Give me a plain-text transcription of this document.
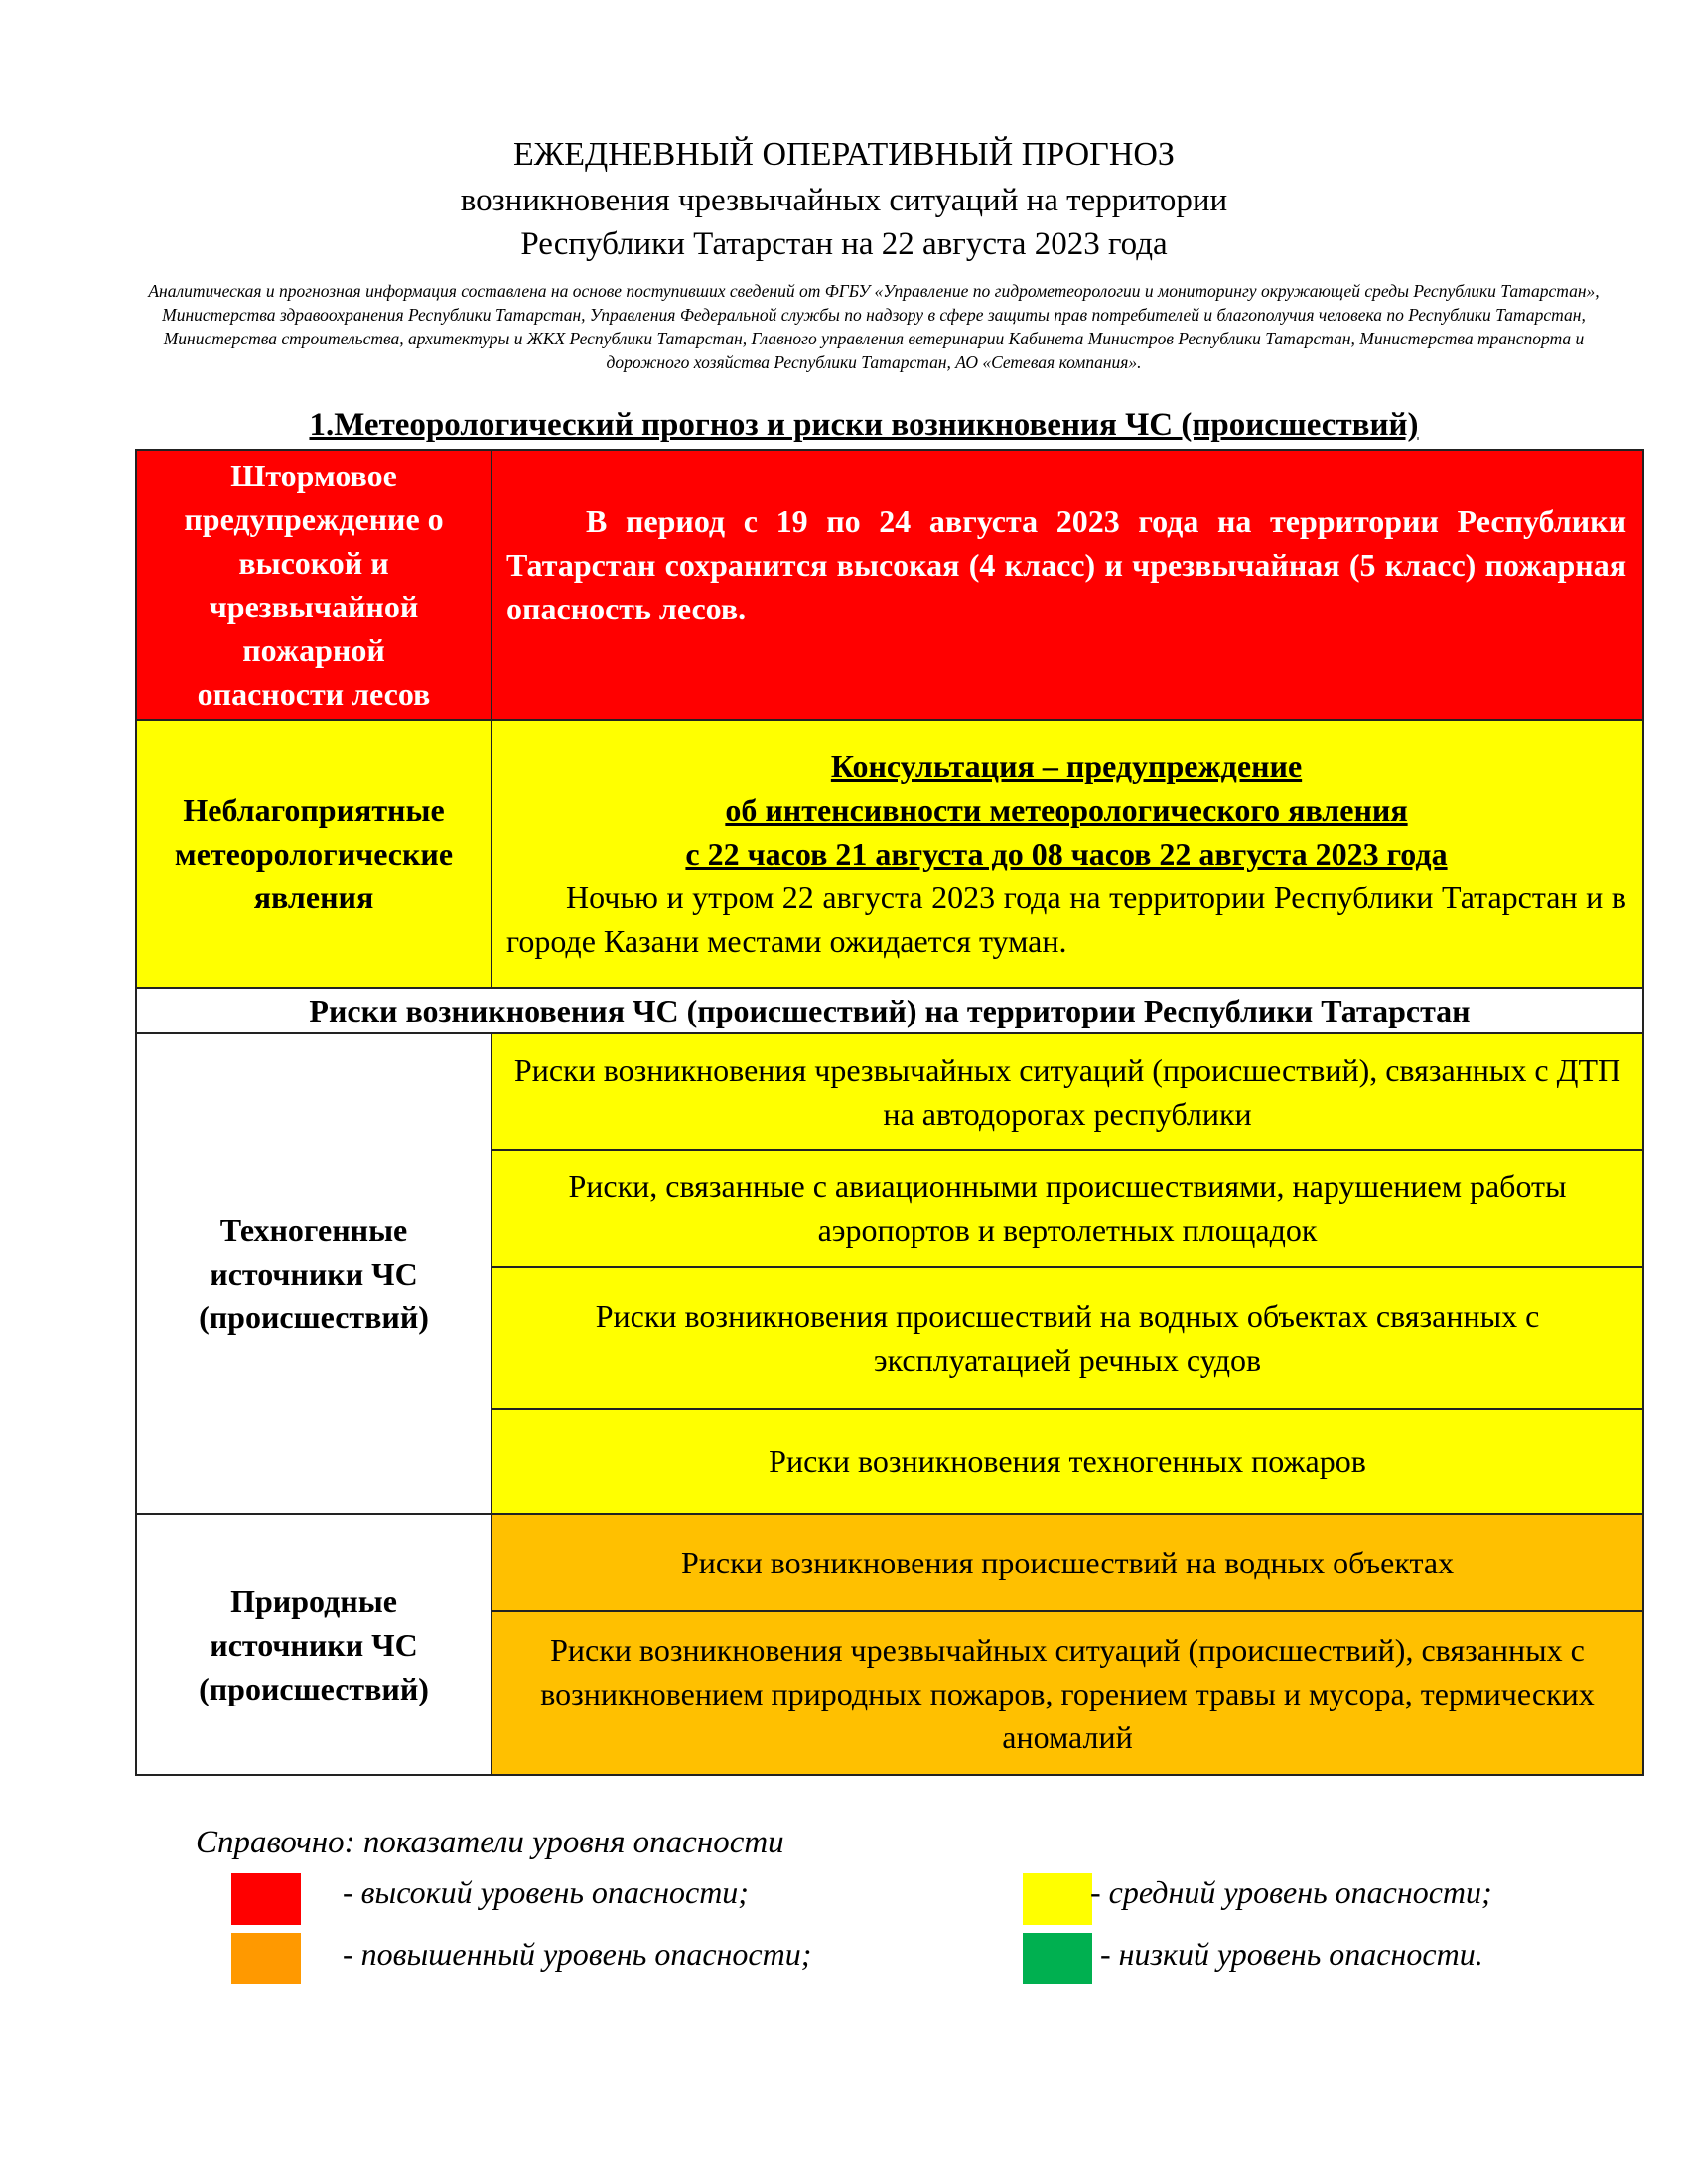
ЕЖЕДНЕВНЫЙ ОПЕРАТИВНЫЙ ПРОГНОЗ
возникновения чрезвычайных ситуаций на территории
Республики Татарстан на 22 августа 2023 года
Аналитическая и прогнозная информация составлена на основе поступивших сведений от ФГБУ «Управление по гидрометеорологии и мониторингу окружающей среды Республики Татарстан», Министерства здравоохранения Республики Татарстан, Управления Федеральной службы по надзору в сфере защиты прав потребителей и благополучия человека по Республики Татарстан, Министерства строительства, архитектуры и ЖКХ Республики Татарстан, Главного управления ветеринарии Кабинета Министров Республики Татарстан, Министерства транспорта и дорожного хозяйства Республики Татарстан, АО «Сетевая компания».
1.Метеорологический прогноз и риски возникновения ЧС (происшествий)
Штормовое предупреждение о высокой и чрезвычайной пожарной опасности лесов	В период с 19 по 24 августа 2023 года на территории Республики Татарстан сохранится высокая (4 класс) и чрезвычайная (5 класс) пожарная опасность лесов.
Неблагоприятные метеорологические явления	Консультация – предупреждение
об интенсивности метеорологического явления
с 22 часов 21 августа до 08 часов 22 августа 2023 года
Ночью и утром 22 августа 2023 года на территории Республики Татарстан и в городе Казани местами ожидается туман.

Риски возникновения ЧС (происшествий) на территории Республики Татарстан	
Техногенные источники ЧС (происшествий)	Риски возникновения чрезвычайных ситуаций (происшествий), связанных с ДТП на автодорогах республики
	Риски, связанные с авиационными происшествиями, нарушением работы аэропортов и вертолетных площадок
	Риски возникновения происшествий на водных объектах связанных с эксплуатацией речных судов
	Риски возникновения техногенных пожаров
Природные источники ЧС (происшествий)	Риски возникновения происшествий на водных объектах
	Риски возникновения чрезвычайных ситуаций (происшествий), связанных с возникновением природных пожаров, горением травы и мусора, термических аномалий
Справочно: показатели уровня опасности
- высокий уровень опасности;	- средний уровень опасности;
- повышенный уровень опасности;	- низкий уровень опасности.
